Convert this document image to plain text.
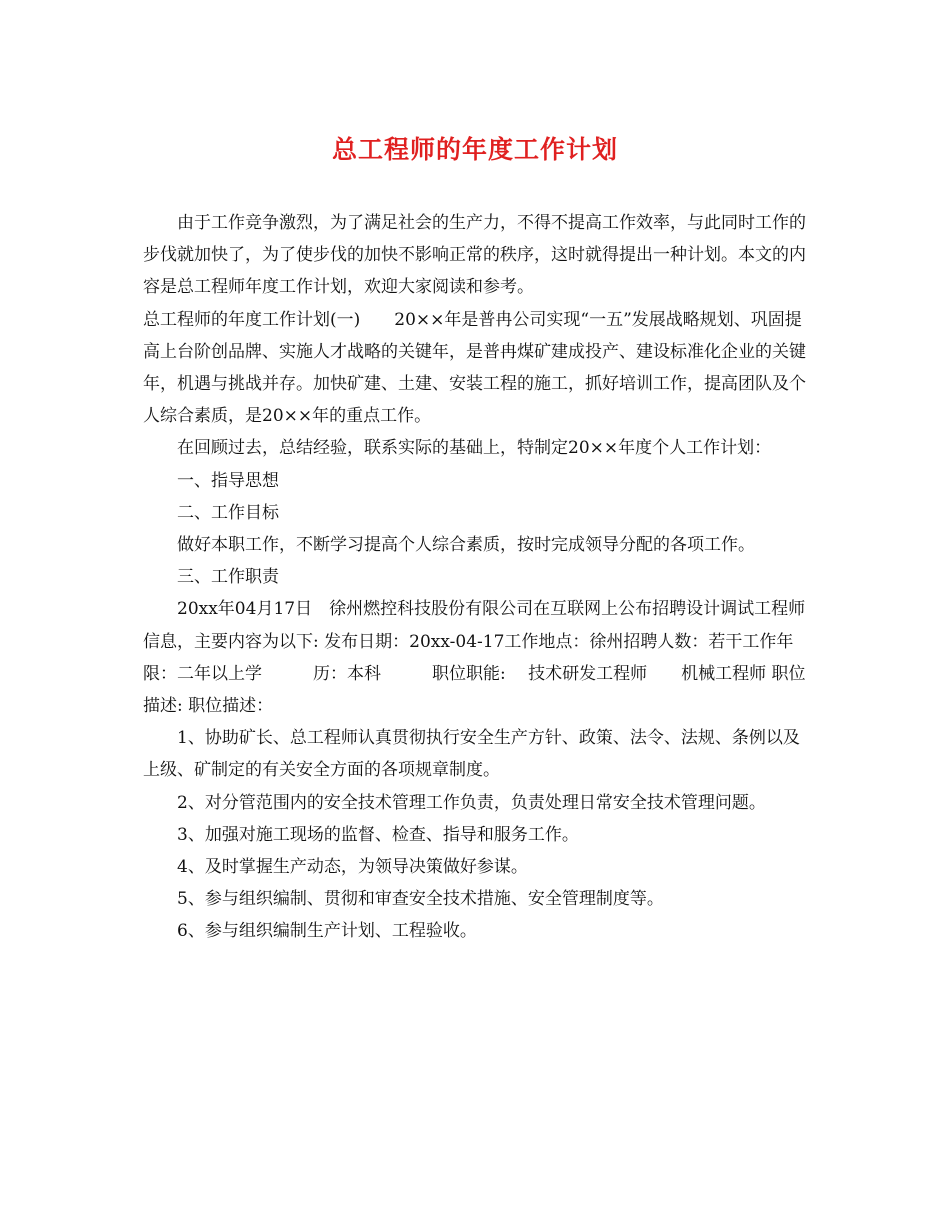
总工程师的年度工作计划

由于工作竞争激烈，为了满足社会的生产力，不得不提高工作效率，与此同时工作的步伐就加快了，为了使步伐的加快不影响正常的秩序，这时就得提出一种计划。本文的内容是总工程师年度工作计划，欢迎大家阅读和参考。

总工程师的年度工作计划(一)　　20××年是普冉公司实现“一五”发展战略规划、巩固提高上台阶创品牌、实施人才战略的关键年，是普冉煤矿建成投产、建设标准化企业的关键年，机遇与挑战并存。加快矿建、土建、安装工程的施工，抓好培训工作，提高团队及个人综合素质，是20××年的重点工作。

在回顾过去，总结经验，联系实际的基础上，特制定20××年度个人工作计划：

一、指导思想

二、工作目标

做好本职工作，不断学习提高个人综合素质，按时完成领导分配的各项工作。

三、工作职责

20xx年04月17日　徐州燃控科技股份有限公司在互联网上公布招聘设计调试工程师信息，主要内容为以下: 发布日期：20xx-04-17工作地点：徐州招聘人数：若干工作年限：二年以上学　　　历：本科　　　职位职能:　 技术研发工程师　　机械工程师 职位描述: 职位描述：

1、协助矿长、总工程师认真贯彻执行安全生产方针、政策、法令、法规、条例以及上级、矿制定的有关安全方面的各项规章制度。

2、对分管范围内的安全技术管理工作负责，负责处理日常安全技术管理问题。

3、加强对施工现场的监督、检查、指导和服务工作。

4、及时掌握生产动态，为领导决策做好参谋。

5、参与组织编制、贯彻和审查安全技术措施、安全管理制度等。

6、参与组织编制生产计划、工程验收。
